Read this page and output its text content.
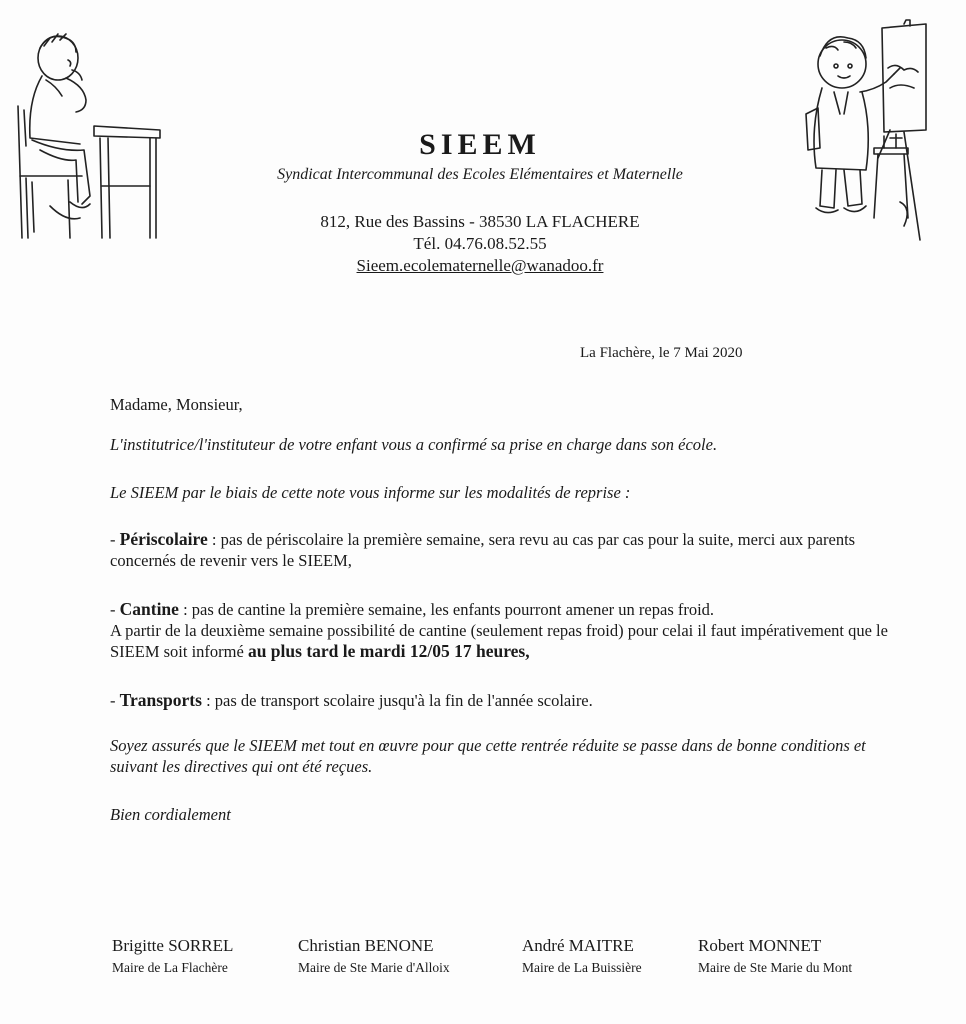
SIEEM
Syndicat Intercommunal des Ecoles Elémentaires et Maternelle
812, Rue des Bassins - 38530 LA FLACHERE
Tél. 04.76.08.52.55
Sieem.ecolematernelle@wanadoo.fr
La Flachère, le 7 Mai 2020
Madame, Monsieur,
L'institutrice/l'instituteur de votre enfant vous a confirmé sa prise en charge dans son école.
Le SIEEM par le biais de cette note vous informe sur les modalités de reprise :
- Périscolaire : pas de périscolaire la première semaine, sera revu au cas par cas pour la suite, merci aux parents concernés de revenir vers le SIEEM,
- Cantine : pas de cantine la première semaine, les enfants pourront amener un repas froid.
A partir de la deuxième semaine possibilité de cantine (seulement repas froid) pour celai il faut impérativement que le SIEEM soit informé au plus tard le mardi 12/05 17 heures,
- Transports : pas de transport scolaire jusqu'à la fin de l'année scolaire.
Soyez assurés que le SIEEM met tout en œuvre pour que cette rentrée réduite se passe dans de bonne conditions et suivant les directives qui ont été reçues.
Bien cordialement
Brigitte SORREL
Maire de La Flachère
Christian BENONE
Maire de Ste Marie d'Alloix
André MAITRE
Maire de La Buissière
Robert MONNET
Maire de Ste Marie du Mont
